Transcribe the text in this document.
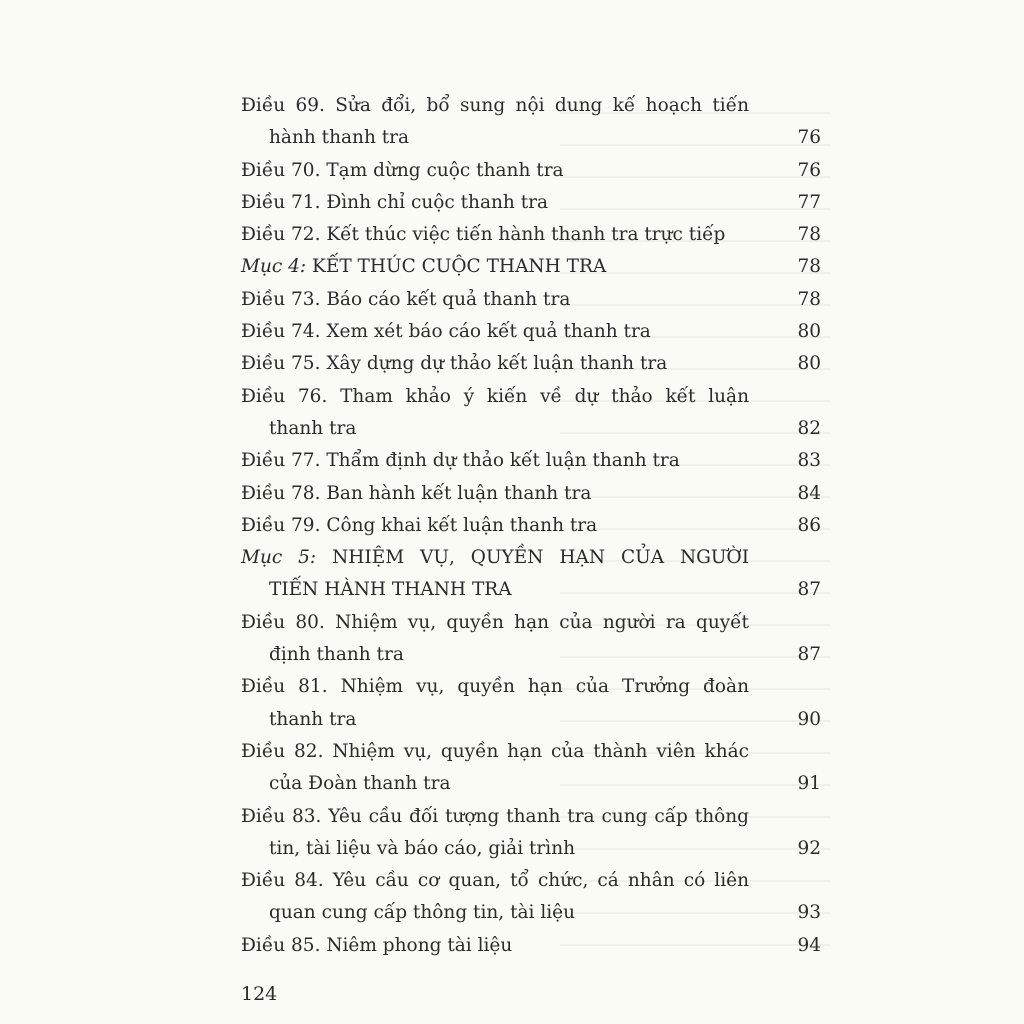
Điều 69. Sửa đổi, bổ sung nội dung kế hoạch tiến
hành thanh tra	76
Điều 70. Tạm dừng cuộc thanh tra	76
Điều 71. Đình chỉ cuộc thanh tra	77
Điều 72. Kết thúc việc tiến hành thanh tra trực tiếp	78
Mục 4: KẾT THÚC CUỘC THANH TRA	78
Điều 73. Báo cáo kết quả thanh tra	78
Điều 74. Xem xét báo cáo kết quả thanh tra	80
Điều 75. Xây dựng dự thảo kết luận thanh tra	80
Điều 76. Tham khảo ý kiến về dự thảo kết luận
thanh tra	82
Điều 77. Thẩm định dự thảo kết luận thanh tra	83
Điều 78. Ban hành kết luận thanh tra	84
Điều 79. Công khai kết luận thanh tra	86
Mục 5: NHIỆM VỤ, QUYỀN HẠN CỦA NGƯỜI
TIẾN HÀNH THANH TRA	87
Điều 80. Nhiệm vụ, quyền hạn của người ra quyết
định thanh tra	87
Điều 81. Nhiệm vụ, quyền hạn của Trưởng đoàn
thanh tra	90
Điều 82. Nhiệm vụ, quyền hạn của thành viên khác
của Đoàn thanh tra	91
Điều 83. Yêu cầu đối tượng thanh tra cung cấp thông
tin, tài liệu và báo cáo, giải trình	92
Điều 84. Yêu cầu cơ quan, tổ chức, cá nhân có liên
quan cung cấp thông tin, tài liệu	93
Điều 85. Niêm phong tài liệu	94
124
